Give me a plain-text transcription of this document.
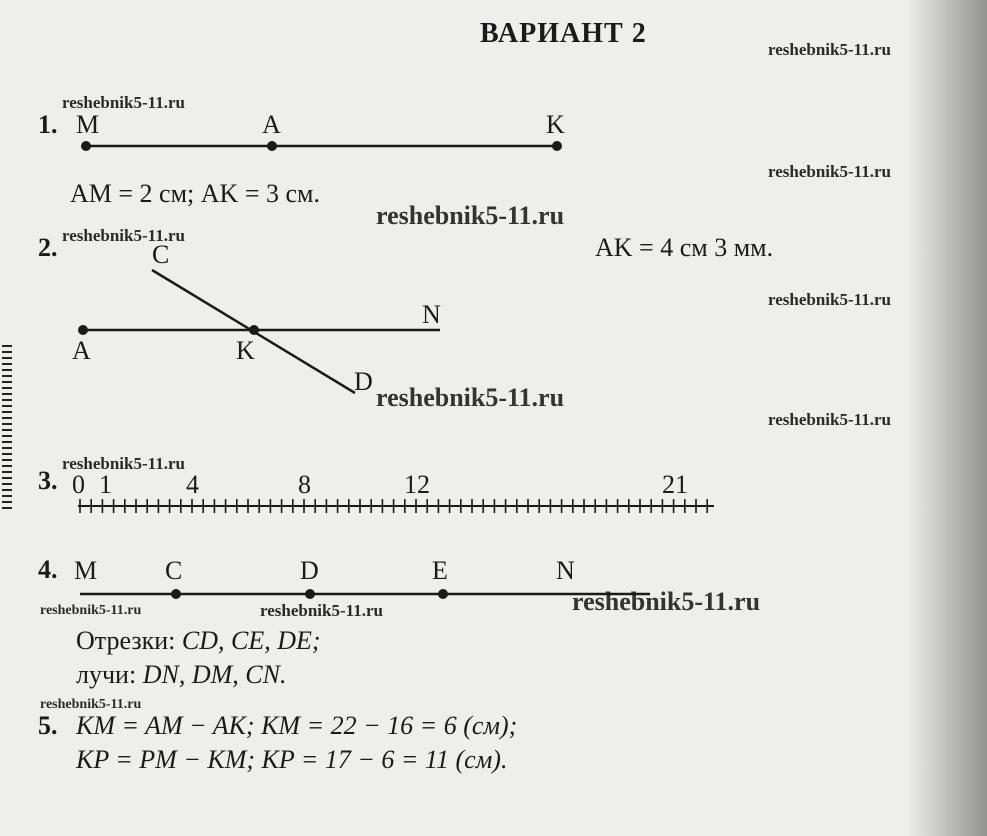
ВАРИАНТ 2
reshebnik5-11.ru
reshebnik5-11.ru
reshebnik5-11.ru
reshebnik5-11.ru
reshebnik5-11.ru
reshebnik5-11.ru
reshebnik5-11.ru
reshebnik5-11.ru
reshebnik5-11.ru
reshebnik5-11.ru
reshebnik5-11.ru	reshebnik5-11.ru
reshebnik5-11.ru
1. M	A	K
AM = 2 см; AK = 3 см.
2.	C
A	K
N
D
AK = 4 см 3 мм.
3. 0 1	4	8	12	21
4. M	C	D	E	N
Отрезки: CD, CE, DE;
лучи: DN, DM, CN.
5. KM = AM − AK; KM = 22 − 16 = 6 (см);
KP = PM − KM; KP = 17 − 6 = 11 (см).
